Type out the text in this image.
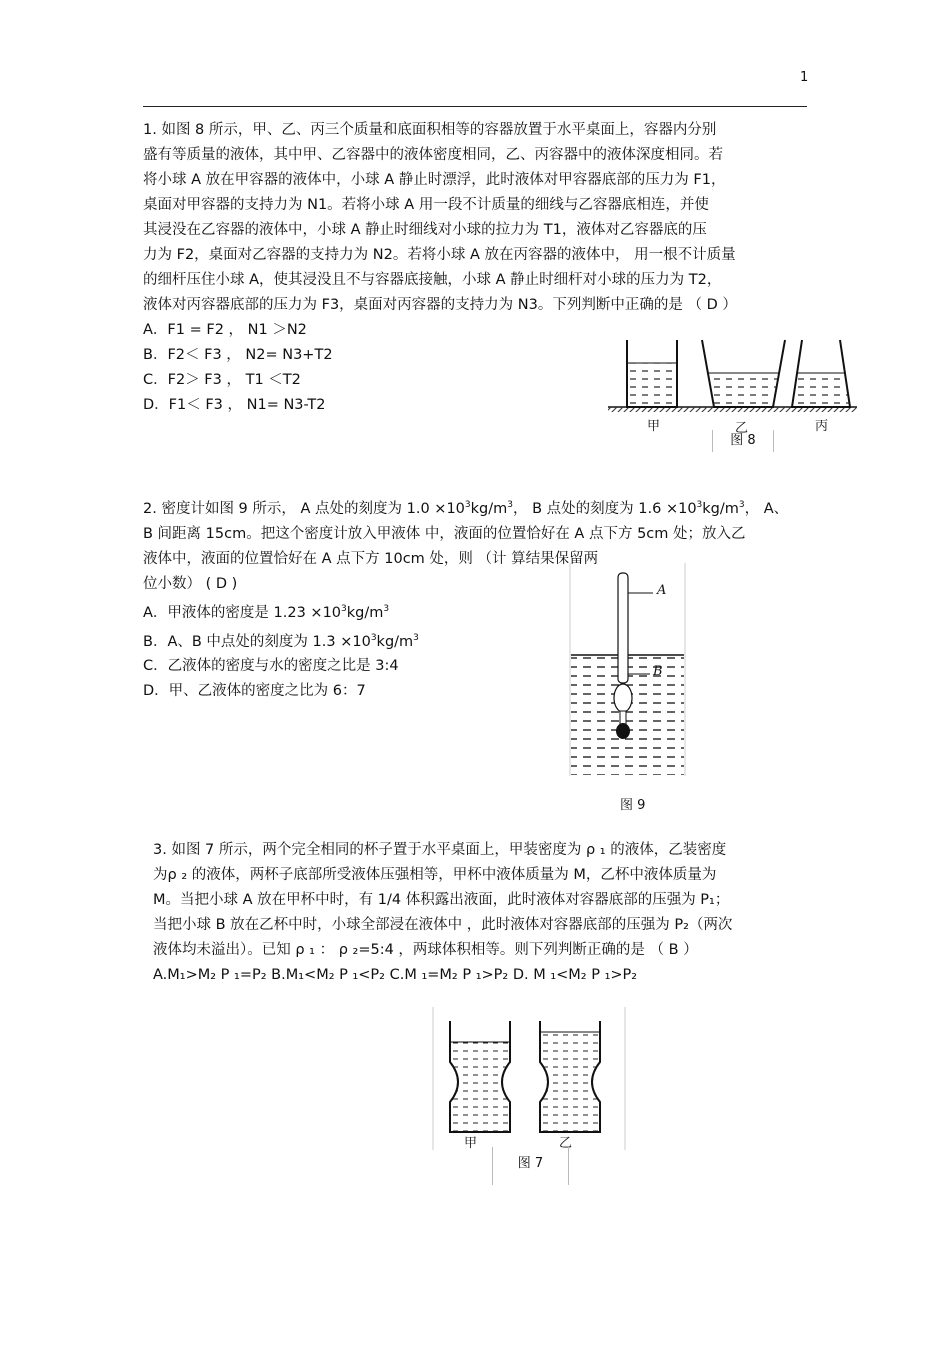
1
1. 如图 8 所示，甲、乙、丙三个质量和底面积相等的容器放置于水平桌面上，容器内分别
盛有等质量的液体，其中甲、乙容器中的液体密度相同，乙、丙容器中的液体深度相同。若
将小球 A 放在甲容器的液体中，小球 A 静止时漂浮，此时液体对甲容器底部的压力为 F1，
桌面对甲容器的支持力为 N1。若将小球 A 用一段不计质量的细线与乙容器底相连，并使
其浸没在乙容器的液体中，小球 A 静止时细线对小球的拉力为 T1，液体对乙容器底的压
力为 F2，桌面对乙容器的支持力为 N2。若将小球 A 放在丙容器的液体中， 用一根不计质量
的细杆压住小球 A，使其浸没且不与容器底接触，小球 A 静止时细杆对小球的压力为 T2，
液体对丙容器底部的压力为 F3，桌面对丙容器的支持力为 N3。下列判断中正确的是 （ D ）
A．F1 = F2 ， N1 ＞N2
B．F2＜ F3 ， N2= N3+T2
C．F2＞ F3 ， T1 ＜T2
D．F1＜ F3 ， N1= N3-T2
甲	乙	丙
图 8
2. 密度计如图 9 所示， A 点处的刻度为 $1.0 \times 10^3kg/m^3$， B 点处的刻度为 $1.6 \times 10^3kg/m^3$， A、
B 间距离 15cm。把这个密度计放入甲液体 中，液面的位置恰好在 A 点下方 5cm 处；放入乙
液体中，液面的位置恰好在 A 点下方 10cm 处，则 （计 算结果保留两
位小数） ( D )
A．甲液体的密度是 $1.23 \times 10^3kg/m^3$
B．A、B 中点处的刻度为 $1.3 \times 10^3kg/m^3$
C．乙液体的密度与水的密度之比是 3:4
D．甲、乙液体的密度之比为 6：7
A
B
图 9
3. 如图 7 所示，两个完全相同的杯子置于水平桌面上，甲装密度为 ρ ₁ 的液体，乙装密度
为ρ ₂ 的液体，两杯子底部所受液体压强相等，甲杯中液体质量为 M，乙杯中液体质量为
M。当把小球 A 放在甲杯中时，有 1/4 体积露出液面，此时液体对容器底部的压强为 P₁；
当把小球 B 放在乙杯中时，小球全部浸在液体中 ，此时液体对容器底部的压强为 P₂（两次
液体均未溢出）。已知 ρ ₁ ： ρ ₂=5:4 ，两球体积相等。则下列判断正确的是 （ B ）
A.M₁>M₂ P ₁=P₂ B.M₁<M₂ P ₁<P₂ C.M ₁=M₂ P ₁>P₂ D. M ₁<M₂ P ₁>P₂
甲	乙
图 7
